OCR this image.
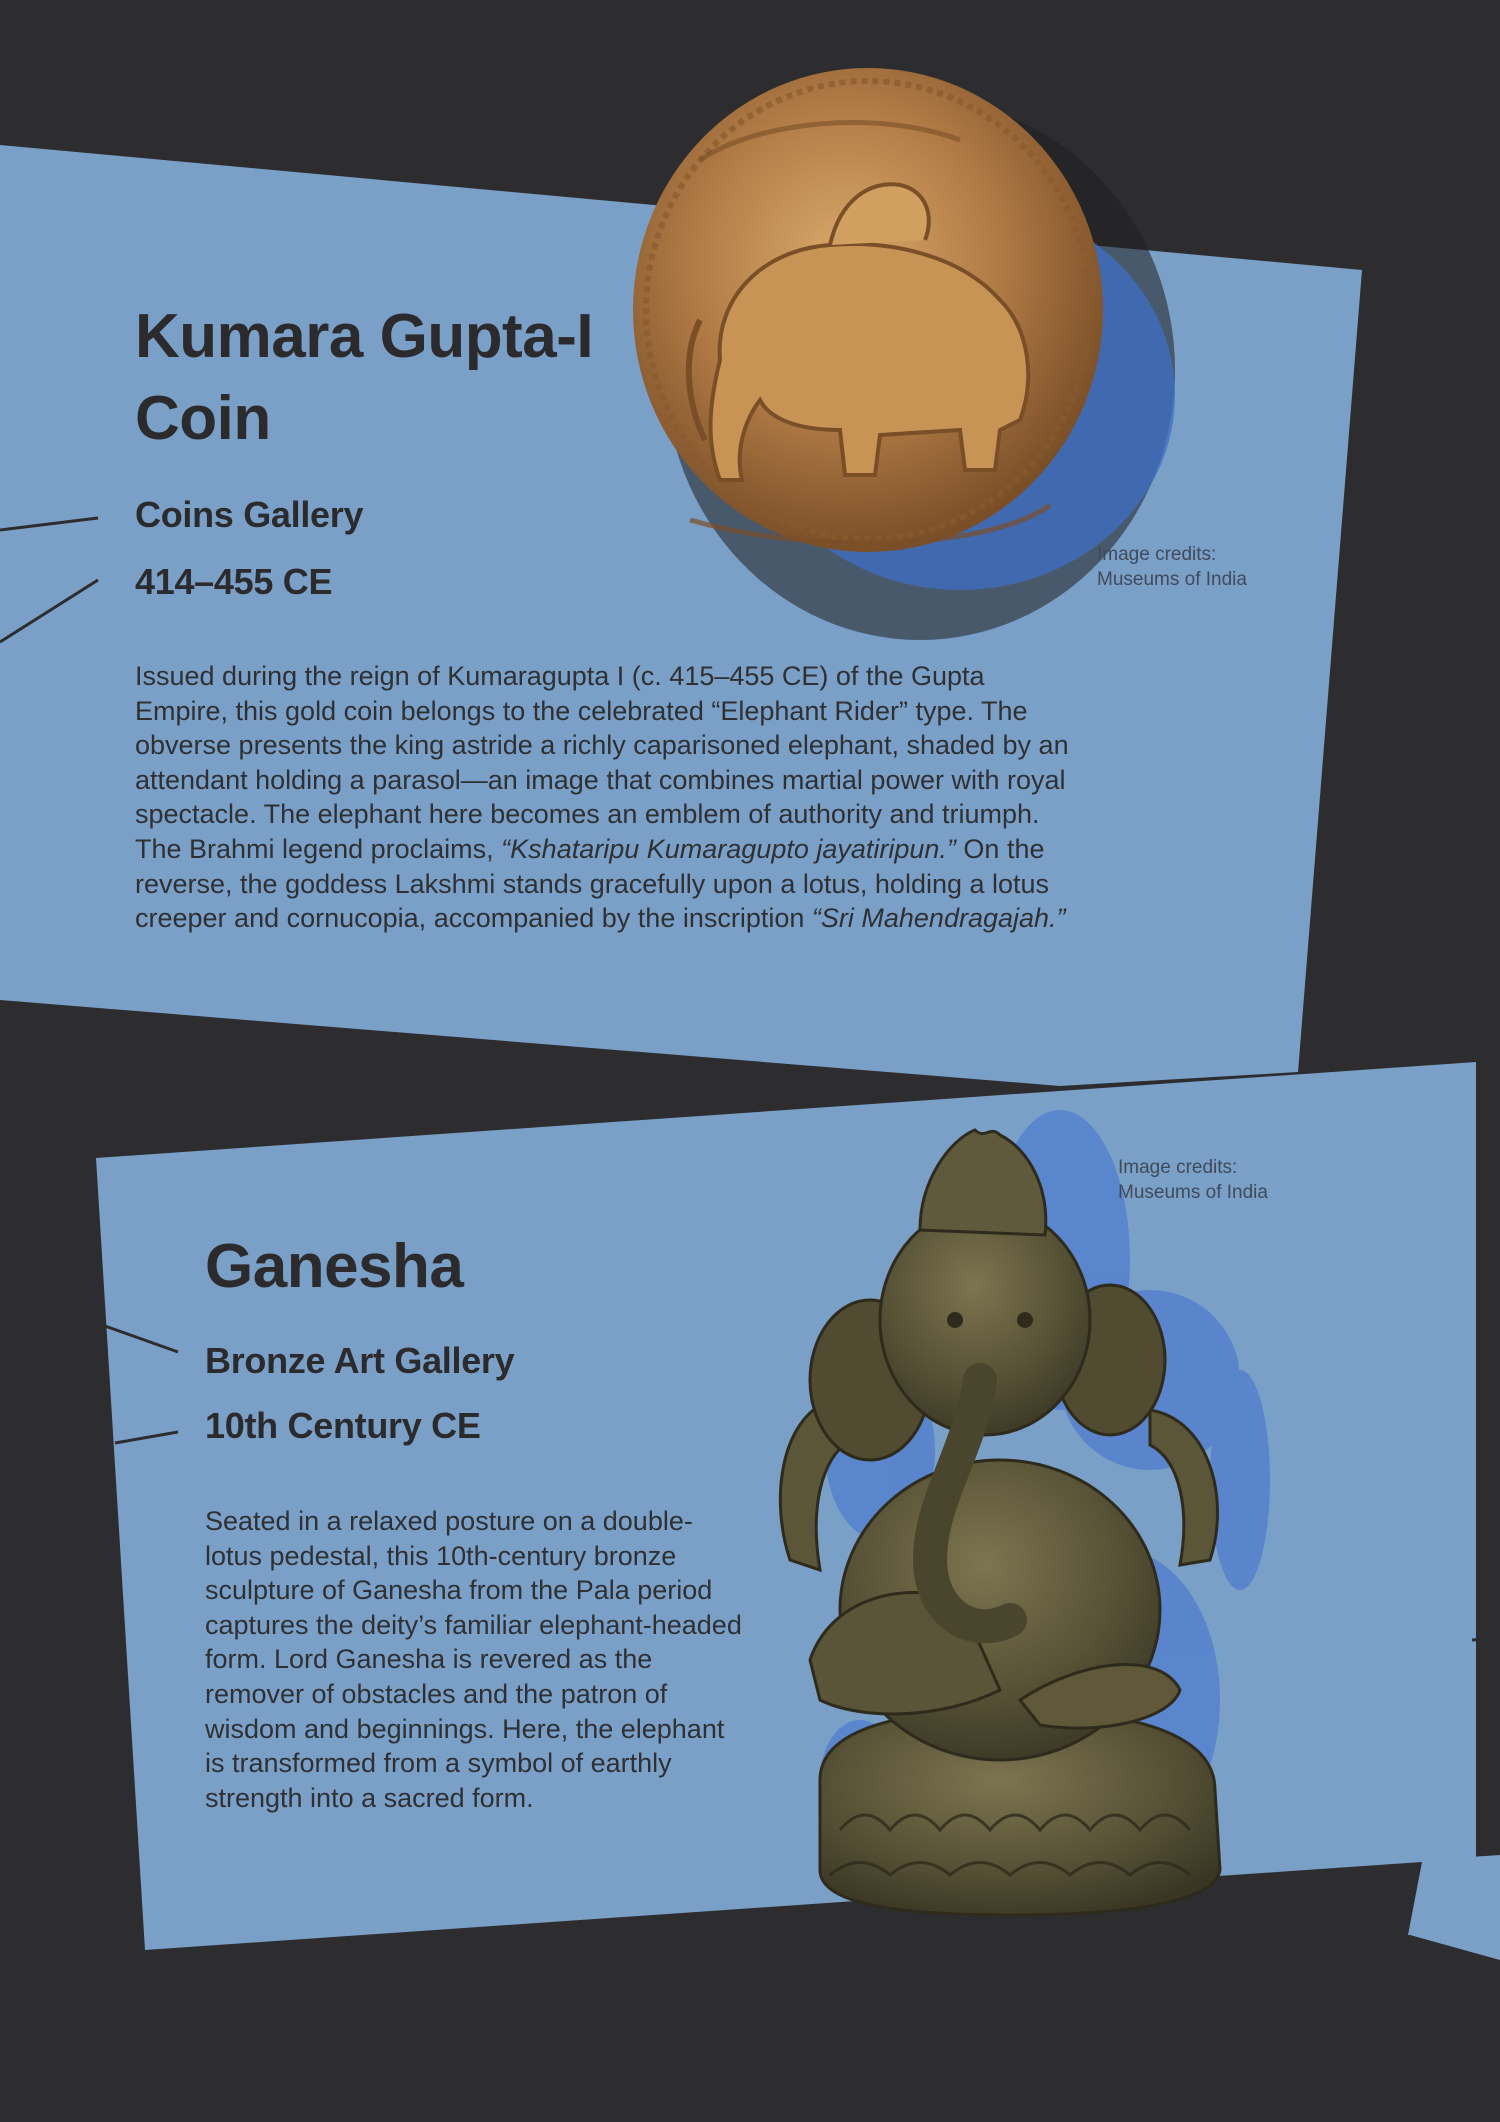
Kumara Gupta-I Coin
Coins Gallery
414–455 CE
Issued during the reign of Kumaragupta I (c. 415–455 CE) of the Gupta Empire, this gold coin belongs to the celebrated “Elephant Rider” type. The obverse presents the king astride a richly caparisoned elephant, shaded by an attendant holding a parasol—an image that combines martial power with royal spectacle. The elephant here becomes an emblem of authority and triumph. The Brahmi legend proclaims, “Kshataripu Kumaragupto jayatiripun.” On the reverse, the goddess Lakshmi stands gracefully upon a lotus, holding a lotus creeper and cornucopia, accompanied by the inscription “Sri Mahendragajah.”
Image credits:
Museums of India
Ganesha
Bronze Art Gallery
10th Century CE
Seated in a relaxed posture on a double-lotus pedestal, this 10th-century bronze sculpture of Ganesha from the Pala period captures the deity’s familiar elephant-headed form. Lord Ganesha is revered as the remover of obstacles and the patron of wisdom and beginnings. Here, the elephant is transformed from a symbol of earthly strength into a sacred form.
Image credits:
Museums of India
